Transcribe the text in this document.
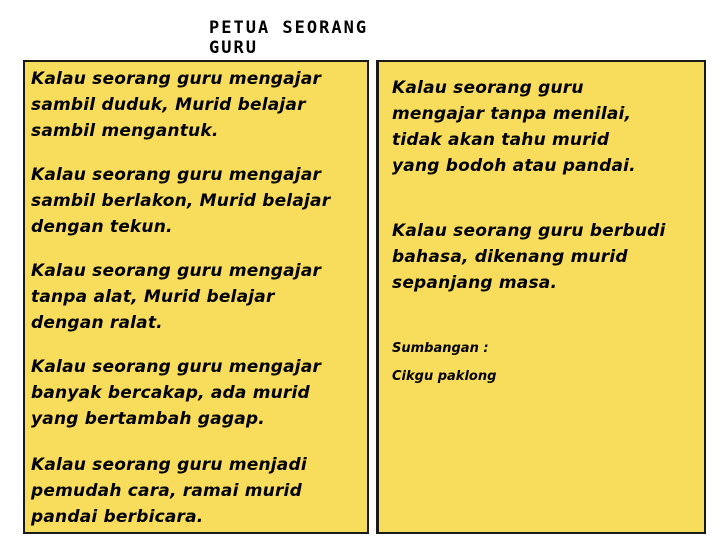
PETUA SEORANG
GURU

Kalau seorang guru mengajar
sambil duduk, Murid belajar
sambil mengantuk.

Kalau seorang guru mengajar
sambil berlakon, Murid belajar
dengan tekun.

Kalau seorang guru mengajar
tanpa alat, Murid belajar
dengan ralat.

Kalau seorang guru mengajar
banyak bercakap, ada murid
yang bertambah gagap.

Kalau seorang guru menjadi
pemudah cara, ramai murid
pandai berbicara.

Kalau seorang guru
mengajar tanpa menilai,
tidak akan tahu murid
yang bodoh atau pandai.

Kalau seorang guru berbudi
bahasa, dikenang murid
sepanjang masa.

Sumbangan :
Cikgu paklong
